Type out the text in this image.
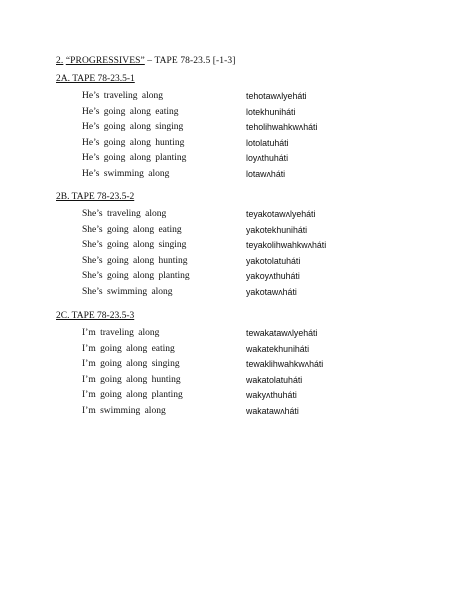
2. “PROGRESSIVES” – TAPE 78-23.5 [-1-3]
2A. TAPE 78-23.5-1
He’s traveling along	tehotawʌlyeháti
He’s going along eating	lotekhuniháti
He’s going along singing	teholihwahkwʌháti
He’s going along hunting	lotolatuháti
He’s going along planting	loyʌthuháti
He’s swimming along	lotawʌháti
2B. TAPE 78-23.5-2
She’s traveling along	teyakotawʌlyeháti
She’s going along eating	yakotekhuniháti
She’s going along singing	teyakolihwahkwʌháti
She’s going along hunting	yakotolatuháti
She’s going along planting	yakoyʌthuháti
She’s swimming along	yakotawʌháti
2C. TAPE 78-23.5-3
I’m traveling along	tewakatawʌlyeháti
I’m going along eating	wakatekhuniháti
I’m going along singing	tewaklihwahkwʌháti
I’m going along hunting	wakatolatuháti
I’m going along planting	wakyʌthuháti
I’m swimming along	wakatawʌháti
